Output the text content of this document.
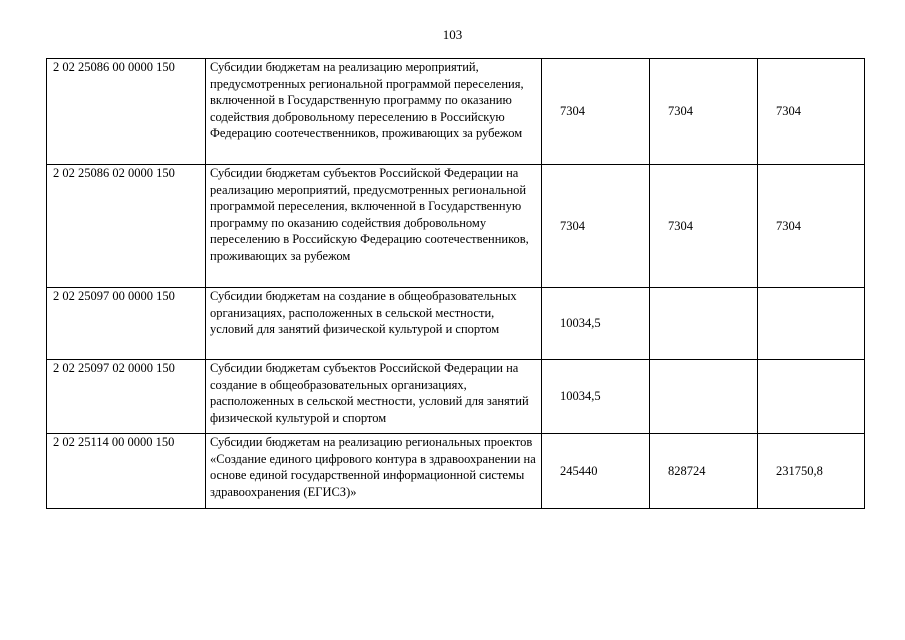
103
2 02 25086 00 0000 150	Субсидии бюджетам на реализацию мероприятий, предусмотренных региональной программой переселения, включенной в Государственную программу по оказанию содействия добровольному переселению в Российскую Федерацию соотечественников, проживающих за рубежом	7304	7304	7304
2 02 25086 02 0000 150	Субсидии бюджетам субъектов Российской Федерации на реализацию мероприятий, предусмотренных региональной программой переселения, включенной в Государственную программу по оказанию содействия добровольному переселению в Российскую Федерацию соотечественников, проживающих за рубежом	7304	7304	7304
2 02 25097 00 0000 150	Субсидии бюджетам на создание в общеобразовательных организациях, расположенных в сельской местности, условий для занятий физической культурой и спортом	10034,5		
2 02 25097 02 0000 150	Субсидии бюджетам субъектов Российской Федерации на создание в общеобразовательных организациях, расположенных в сельской местности, условий для занятий физической культурой и спортом	10034,5		
2 02 25114 00 0000 150	Субсидии бюджетам на реализацию региональных проектов «Создание единого цифрового контура в здравоохранении на основе единой государственной информационной системы здравоохранения (ЕГИСЗ)»	245440	828724	231750,8
